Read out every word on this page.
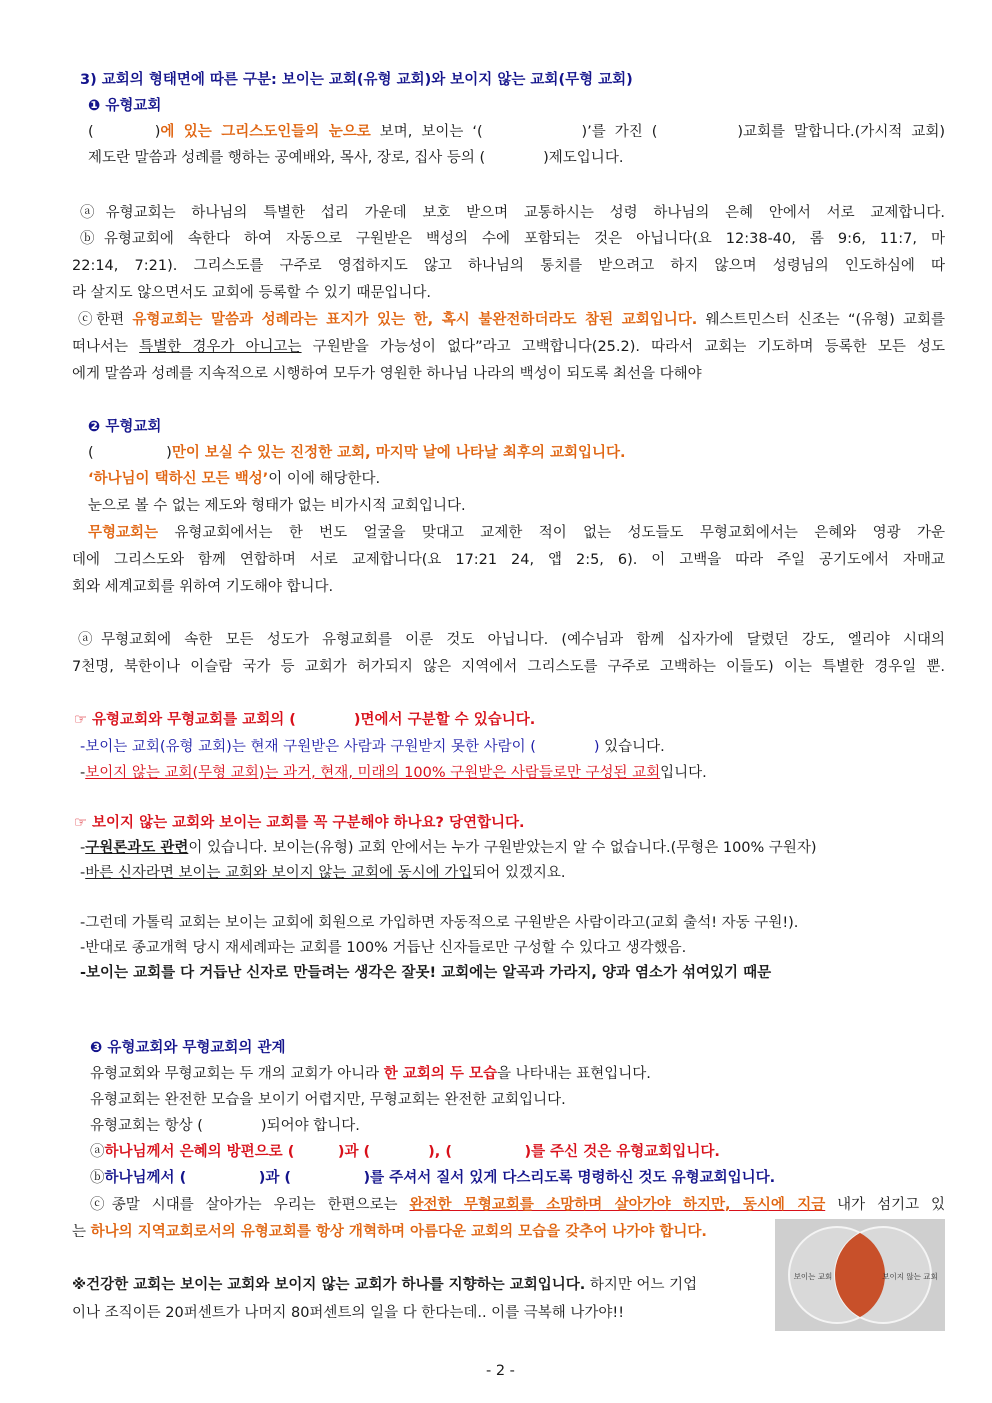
3) 교회의 형태면에 따른 구분: 보이는 교회(유형 교회)와 보이지 않는 교회(무형 교회)
❶ 유형교회
(　　　)에 있는 그리스도인들의 눈으로 보며, 보이는 ‘(　　　　　)’를 가진 (　　　　)교회를 말합니다.(가시적 교회)
제도란 말씀과 성례를 행하는 공예배와, 목사, 장로, 집사 등의 (　　　　)제도입니다.
ⓐ유형교회는 하나님의 특별한 섭리 가운데 보호 받으며 교통하시는 성령 하나님의 은혜 안에서 서로 교제합니다.
ⓑ유형교회에 속한다 하여 자동으로 구원받은 백성의 수에 포함되는 것은 아닙니다(요 12:38-40, 롬 9:6, 11:7, 마
22:14, 7:21). 그리스도를 구주로 영접하지도 않고 하나님의 통치를 받으려고 하지 않으며 성령님의 인도하심에 따
라 살지도 않으면서도 교회에 등록할 수 있기 때문입니다.
ⓒ한편 유형교회는 말씀과 성례라는 표지가 있는 한, 혹시 불완전하더라도 참된 교회입니다. 웨스트민스터 신조는 “(유형) 교회를
떠나서는 특별한 경우가 아니고는 구원받을 가능성이 없다”라고 고백합니다(25.2). 따라서 교회는 기도하며 등록한 모든 성도
에게 말씀과 성례를 지속적으로 시행하여 모두가 영원한 하나님 나라의 백성이 되도록 최선을 다해야
❷ 무형교회
(　　　　　)만이 보실 수 있는 진정한 교회, 마지막 날에 나타날 최후의 교회입니다.
‘하나님이 택하신 모든 백성’이 이에 해당한다.
눈으로 볼 수 없는 제도와 형태가 없는 비가시적 교회입니다.
무형교회는 유형교회에서는 한 번도 얼굴을 맞대고 교제한 적이 없는 성도들도 무형교회에서는 은혜와 영광 가운
데에 그리스도와 함께 연합하며 서로 교제합니다(요 17:21 24, 앱 2:5, 6). 이 고백을 따라 주일 공기도에서 자매교
회와 세계교회를 위하여 기도해야 합니다.
ⓐ무형교회에 속한 모든 성도가 유형교회를 이룬 것도 아닙니다. (예수님과 함께 십자가에 달렸던 강도, 엘리야 시대의
7천명, 북한이나 이슬람 국가 등 교회가 허가되지 않은 지역에서 그리스도를 구주로 고백하는 이들도) 이는 특별한 경우일 뿐.
☞ 유형교회와 무형교회를 교회의 (　　　　)면에서 구분할 수 있습니다.
-보이는 교회(유형 교회)는 현재 구원받은 사람과 구원받지 못한 사람이 (　　　　) 있습니다.
-보이지 않는 교회(무형 교회)는 과거, 현재, 미래의 100% 구원받은 사람들로만 구성된 교회입니다.
☞ 보이지 않는 교회와 보이는 교회를 꼭 구분해야 하나요? 당연합니다.
-구원론과도 관련이 있습니다. 보이는(유형) 교회 안에서는 누가 구원받았는지 알 수 없습니다.(무형은 100% 구원자)
-바른 신자라면 보이는 교회와 보이지 않는 교회에 동시에 가입되어 있겠지요.
-그런데 가톨릭 교회는 보이는 교회에 회원으로 가입하면 자동적으로 구원받은 사람이라고(교회 출석! 자동 구원!).
-반대로 종교개혁 당시 재세례파는 교회를 100% 거듭난 신자들로만 구성할 수 있다고 생각했음.
-보이는 교회를 다 거듭난 신자로 만들려는 생각은 잘못! 교회에는 알곡과 가라지, 양과 염소가 섞여있기 때문
❸ 유형교회와 무형교회의 관계
유형교회와 무형교회는 두 개의 교회가 아니라 한 교회의 두 모습을 나타내는 표현입니다.
유형교회는 완전한 모습을 보이기 어렵지만, 무형교회는 완전한 교회입니다.
유형교회는 항상 (　　　　)되어야 합니다.
ⓐ하나님께서 은혜의 방편으로 (　　　)과 (　　　　), (　　　　　)를 주신 것은 유형교회입니다.
ⓑ하나님께서 (　　　　　)과 (　　　　　)를 주셔서 질서 있게 다스리도록 명령하신 것도 유형교회입니다.
ⓒ종말 시대를 살아가는 우리는 한편으로는 완전한 무형교회를 소망하며 살아가야 하지만, 동시에 지금 내가 섬기고 있
는 하나의 지역교회로서의 유형교회를 항상 개혁하며 아름다운 교회의 모습을 갖추어 나가야 합니다.
※건강한 교회는 보이는 교회와 보이지 않는 교회가 하나를 지향하는 교회입니다. 하지만 어느 기업
이나 조직이든 20퍼센트가 나머지 80퍼센트의 일을 다 한다는데.. 이를 극복해 나가야!!
보이는 교회	보이지 않는 교회
- 2 -
